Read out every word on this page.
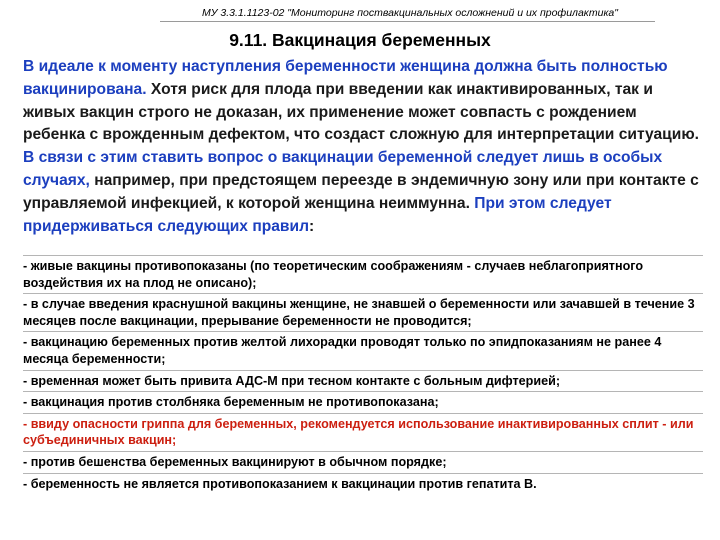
МУ 3.3.1.1123-02 "Мониторинг поствакцинальных осложнений и их профилактика"
9.11. Вакцинация беременных
В идеале к моменту наступления беременности женщина должна быть полностью вакцинирована. Хотя риск для плода при введении как инактивированных, так и живых вакцин строго не доказан, их применение может совпасть с рождением ребенка с врожденным дефектом, что создаст сложную для интерпретации ситуацию. В связи с этим ставить вопрос о вакцинации беременной следует лишь в особых случаях, например, при предстоящем переезде в эндемичную зону или при контакте с управляемой инфекцией, к которой женщина неиммунна. При этом следует придерживаться следующих правил:
- живые вакцины противопоказаны (по теоретическим соображениям - случаев неблагоприятного воздействия их на плод не описано);
- в случае введения краснушной вакцины женщине, не знавшей о беременности или зачавшей в течение 3 месяцев после вакцинации, прерывание беременности не проводится;
- вакцинацию беременных против желтой лихорадки проводят только по эпидпоказаниям не ранее 4 месяца беременности;
- временная может быть привита АДС-М при тесном контакте с больным дифтерией;
- вакцинация против столбняка беременным не противопоказана;
- ввиду опасности гриппа для беременных, рекомендуется использование инактивированных сплит - или субъединичных вакцин;
- против бешенства беременных вакцинируют в обычном порядке;
- беременность не является противопоказанием к вакцинации против гепатита В.
